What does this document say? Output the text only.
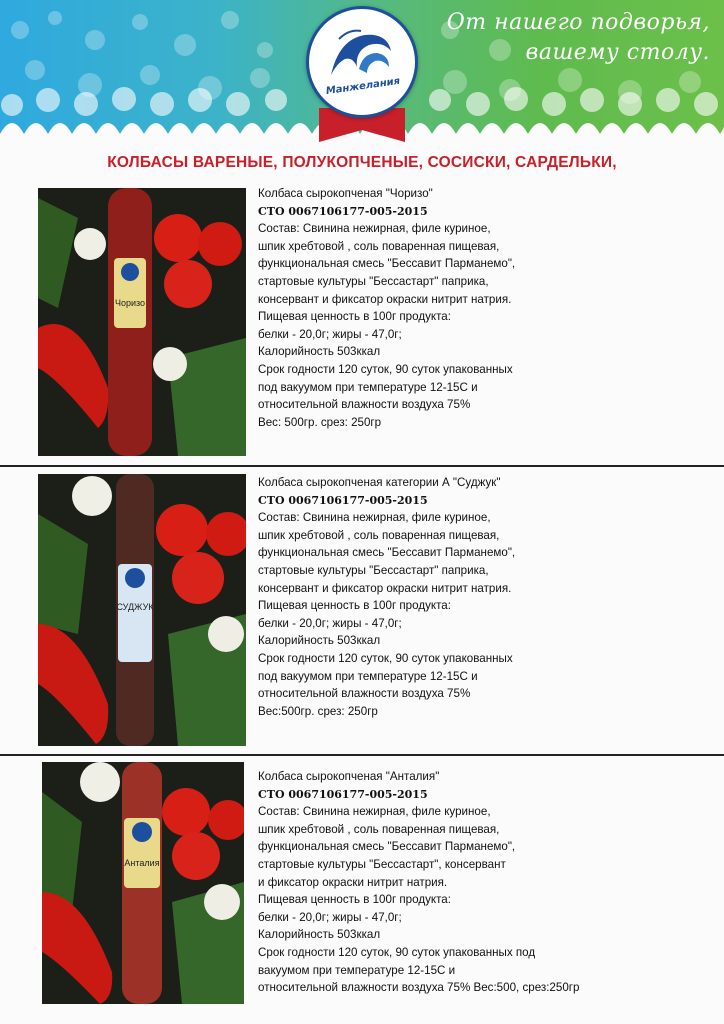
От нашего подворья,
вашему столу.
Манжелания
КОЛБАСЫ ВАРЕНЫЕ, ПОЛУКОПЧЕНЫЕ, СОСИСКИ, САРДЕЛЬКИ,
Чоризо
Колбаса сырокопченая "Чоризо"
СТО 0067106177-005-2015
Состав: Свинина нежирная, филе куриное,
шпик хребтовой , соль поваренная пищевая,
функциональная смесь "Бессавит Парманемо",
стартовые культуры "Бессастарт" паприка,
консервант и фиксатор окраски нитрит натрия.
Пищевая ценность в 100г продукта:
белки - 20,0г; жиры - 47,0г;
Калорийность 503ккал
Срок годности 120 суток, 90 суток упакованных
под вакуумом при температуре 12-15С и
относительной влажности воздуха 75%
Вес: 500гр. срез: 250гр
СУДЖУК
Колбаса сырокопченая категории А "Суджук"
СТО 0067106177-005-2015
Состав: Свинина нежирная, филе куриное,
шпик хребтовой , соль поваренная пищевая,
функциональная смесь "Бессавит Парманемо",
стартовые культуры "Бессастарт" паприка,
консервант и фиксатор окраски нитрит натрия.
Пищевая ценность в 100г продукта:
белки - 20,0г; жиры - 47,0г;
Калорийность 503ккал
Срок годности 120 суток, 90 суток упакованных
под вакуумом при температуре 12-15С и
относительной влажности воздуха 75%
Вес:500гр. срез: 250гр
Анталия
Колбаса сырокопченая "Анталия"
СТО 0067106177-005-2015
Состав: Свинина нежирная, филе куриное,
шпик хребтовой , соль поваренная пищевая,
функциональная смесь "Бессавит Парманемо",
стартовые культуры "Бессастарт", консервант
и фиксатор окраски нитрит натрия.
Пищевая ценность в 100г продукта:
белки - 20,0г; жиры - 47,0г;
Калорийность 503ккал
Срок годности 120 суток, 90 суток упакованных под
вакуумом при температуре 12-15С и
относительной влажности воздуха 75% Вес:500, срез:250гр
